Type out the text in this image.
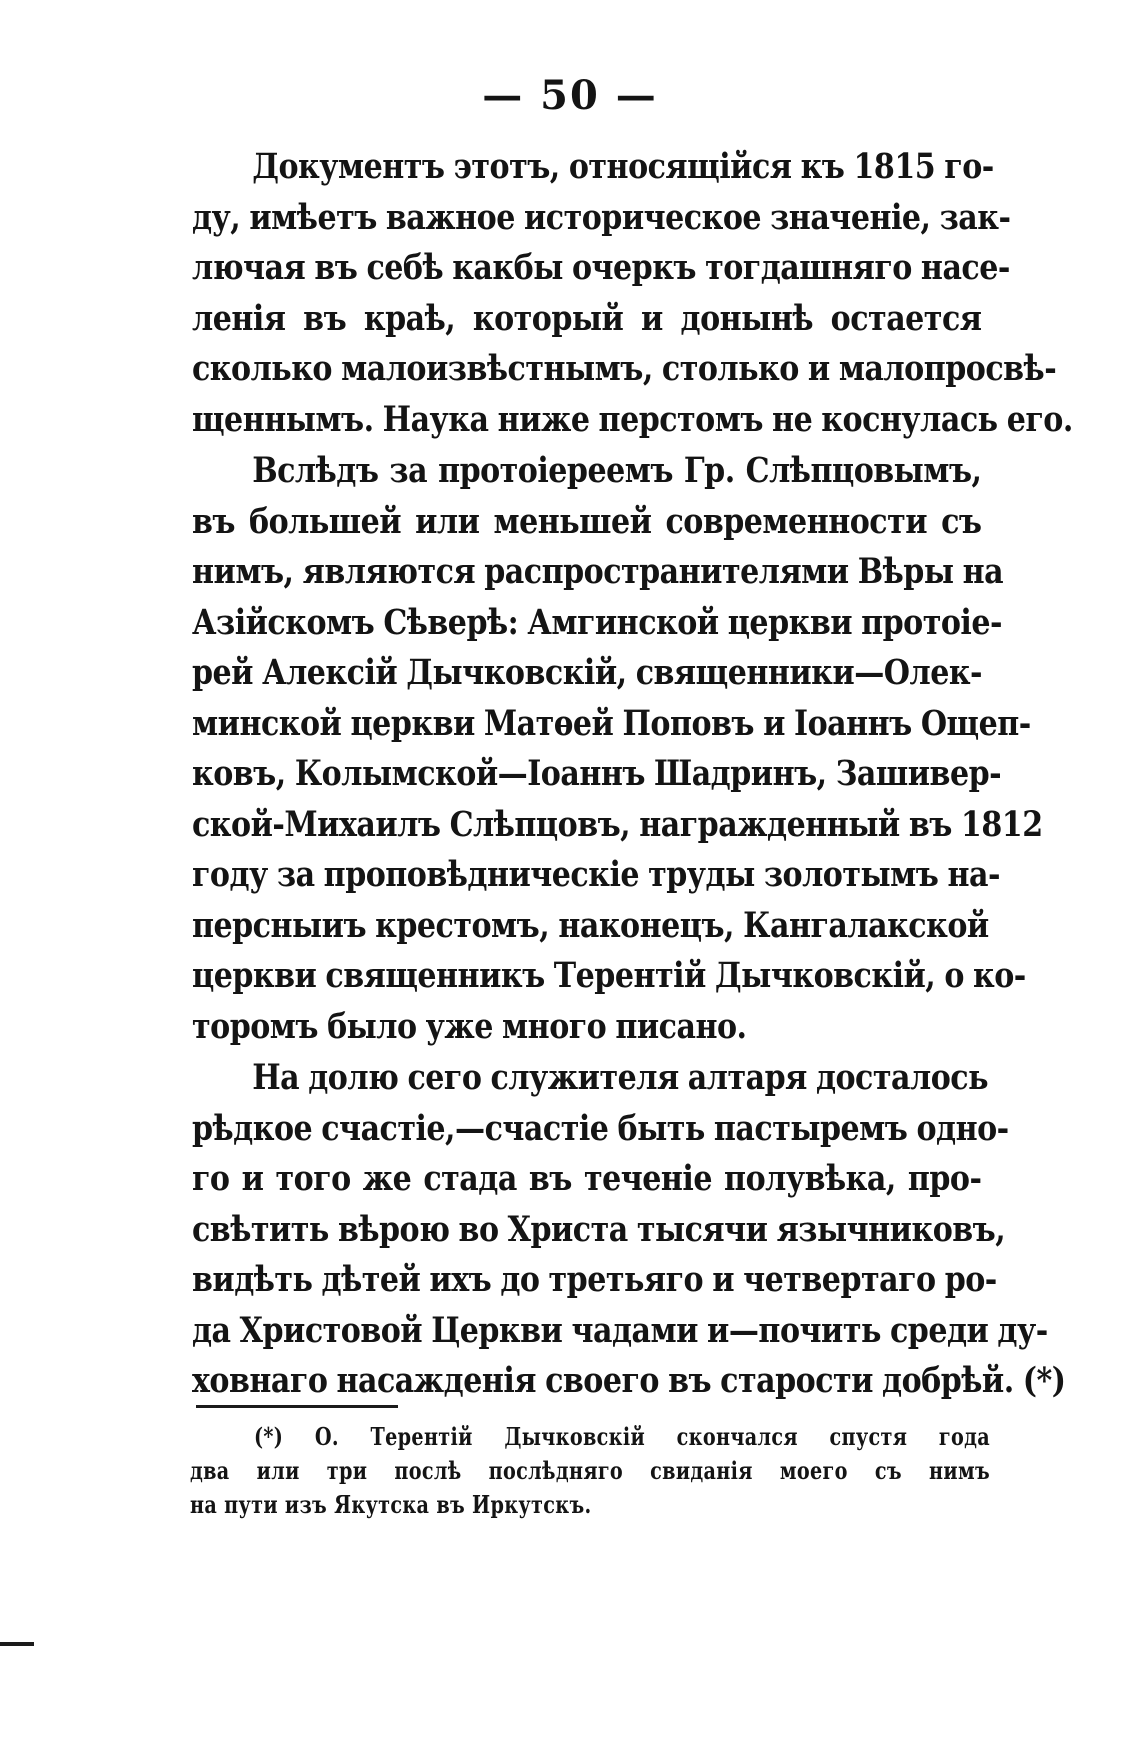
— 50 —
Документъ этотъ, относящійся къ 1815 го-
ду, имѣетъ важное историческое значеніе, зак-
лючая въ себѣ какбы очеркъ тогдашняго насе-
ленія въ краѣ, который и донынѣ остается
сколько малоизвѣстнымъ, столько и малопросвѣ-
щеннымъ. Наука ниже перстомъ не коснулась его.
Вслѣдъ за протоіереемъ Гр. Слѣпцовымъ,
въ большей или меньшей современности съ
нимъ, являются распространителями Вѣры на
Азійскомъ Сѣверѣ: Амгинской церкви протоіе-
рей Алексій Дычковскій, священники—Олек-
минской церкви Матѳей Поповъ и Іоаннъ Ощеп-
ковъ, Колымской—Іоаннъ Шадринъ, Зашивер-
ской-Михаилъ Слѣпцовъ, награжденный въ 1812
году за проповѣдническіе труды золотымъ на-
персныиъ крестомъ, наконецъ, Кангалакской
церкви священникъ Терентій Дычковскій, о ко-
торомъ было уже много писано.
На долю сего служителя алтаря досталось
рѣдкое счастіе,—счастіе быть пастыремъ одно-
го и того же стада въ теченіе полувѣка, про-
свѣтить вѣрою во Христа тысячи язычниковъ,
видѣть дѣтей ихъ до третьяго и четвертаго ро-
да Христовой Церкви чадами и—почить среди ду-
ховнаго насажденія своего въ старости добрѣй. (*)
(*) О. Терентій Дычковскій скончался спустя года
два или три послѣ послѣдняго свиданія моего съ нимъ
на пути изъ Якутска въ Иркутскъ.
